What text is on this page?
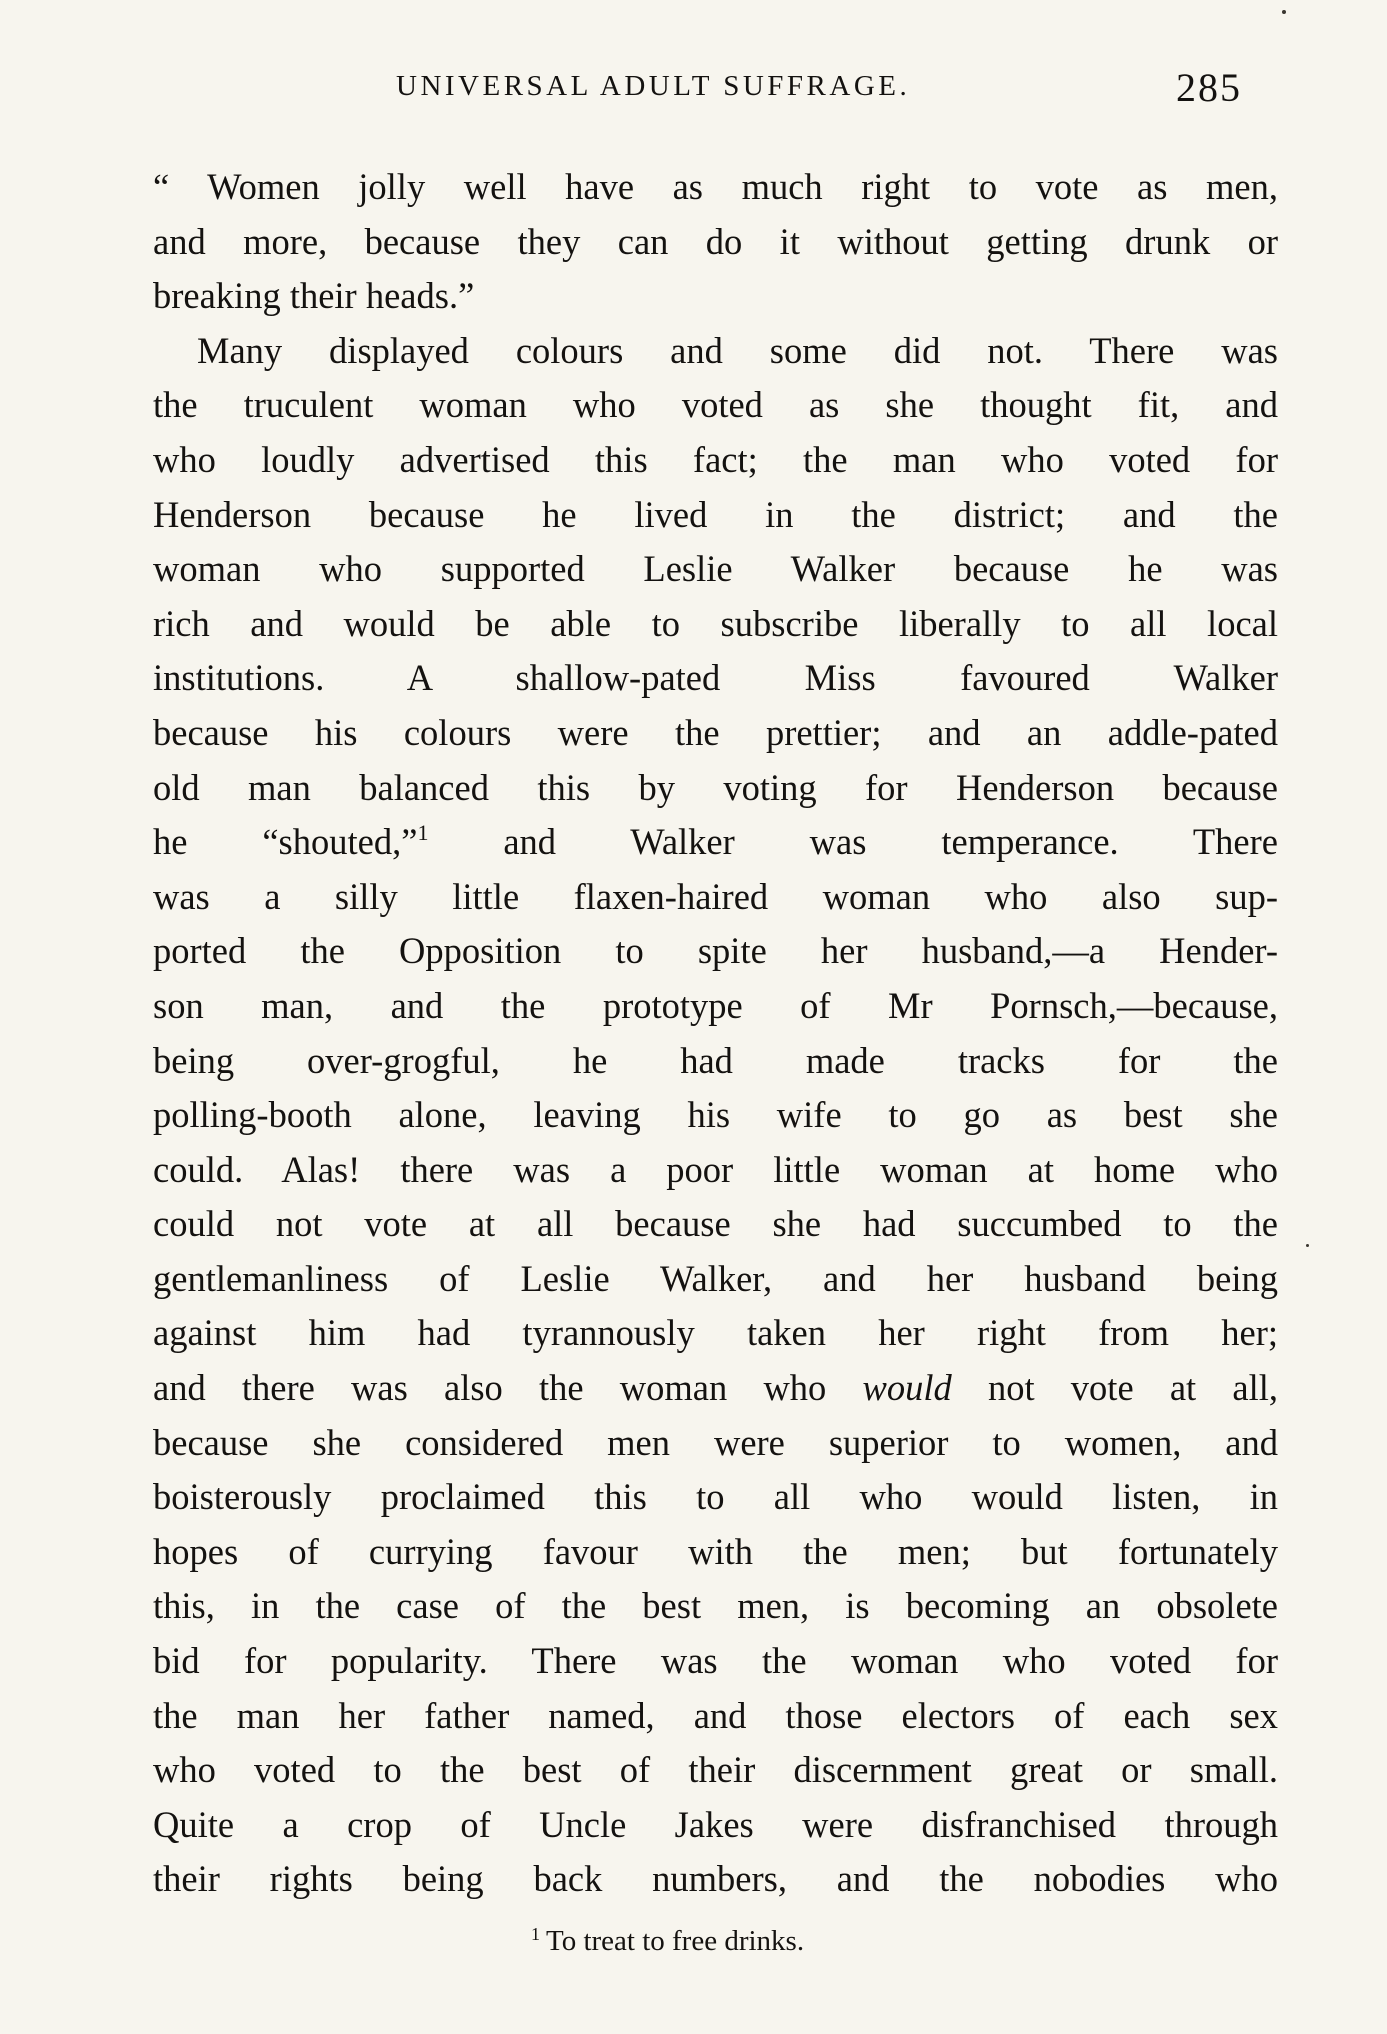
UNIVERSAL ADULT SUFFRAGE.	285
“ Women jolly well have as much right to vote as men,
and more, because they can do it without getting drunk or
breaking their heads.”
Many displayed colours and some did not. There was
the truculent woman who voted as she thought fit, and
who loudly advertised this fact; the man who voted for
Henderson because he lived in the district; and the
woman who supported Leslie Walker because he was
rich and would be able to subscribe liberally to all local
institutions. A shallow-pated Miss favoured Walker
because his colours were the prettier; and an addle-pated
old man balanced this by voting for Henderson because
he “shouted,”$^1$ and Walker was temperance. There
was a silly little flaxen-haired woman who also sup-
ported the Opposition to spite her husband,—a Hender-
son man, and the prototype of Mr Pornsch,—because,
being over-grogful, he had made tracks for the
polling-booth alone, leaving his wife to go as best she
could. Alas! there was a poor little woman at home who
could not vote at all because she had succumbed to the
gentlemanliness of Leslie Walker, and her husband being
against him had tyrannously taken her right from her;
and there was also the woman who would not vote at all,
because she considered men were superior to women, and
boisterously proclaimed this to all who would listen, in
hopes of currying favour with the men; but fortunately
this, in the case of the best men, is becoming an obsolete
bid for popularity. There was the woman who voted for
the man her father named, and those electors of each sex
who voted to the best of their discernment great or small.
Quite a crop of Uncle Jakes were disfranchised through
their rights being back numbers, and the nobodies who
$^1$ To treat to free drinks.
